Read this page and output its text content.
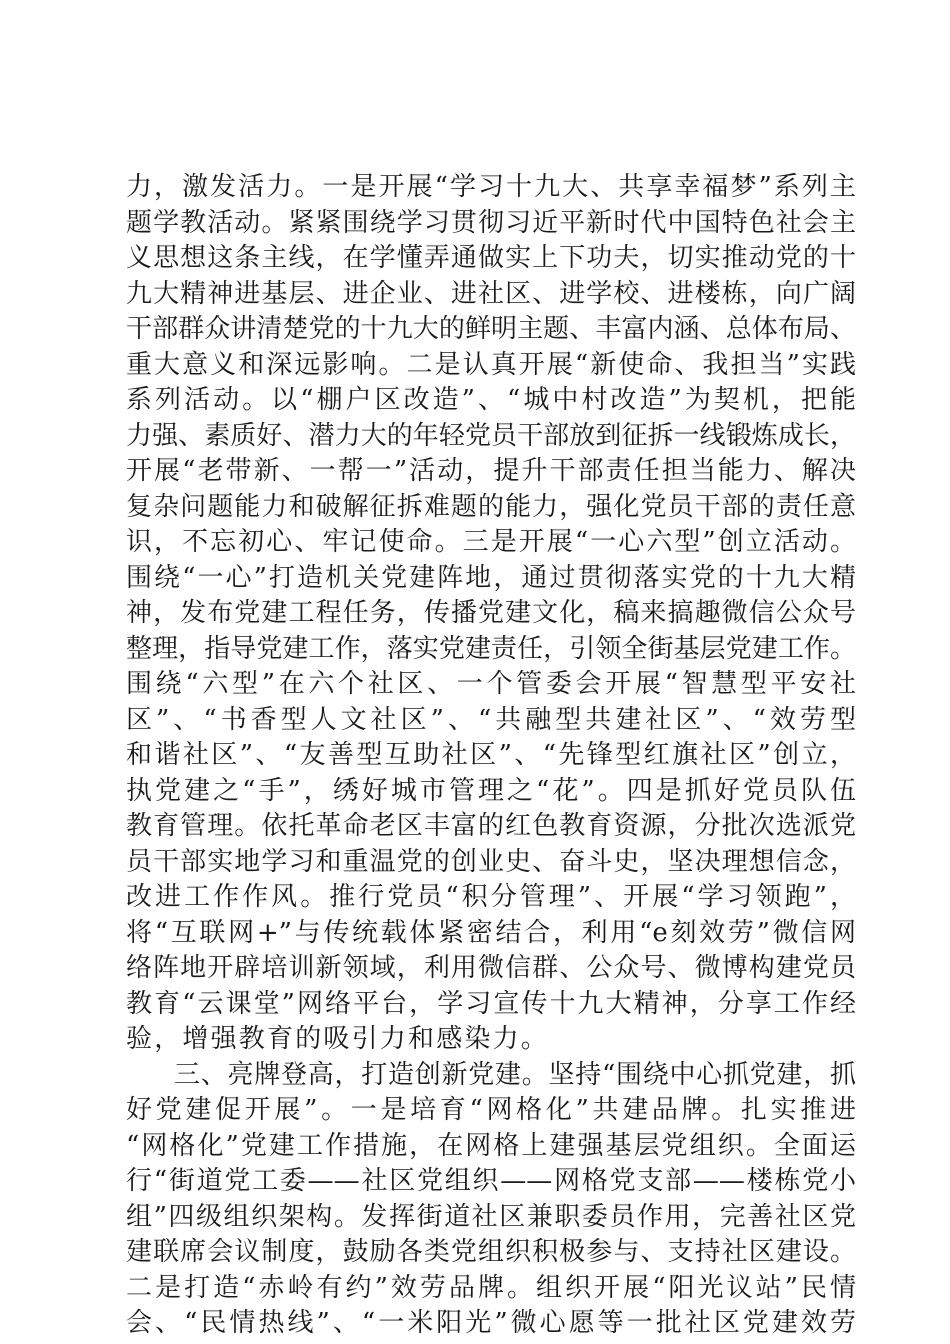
力，激发活力。一是开展“学习十九大、共享幸福梦”系列主
题学教活动。紧紧围绕学习贯彻习近平新时代中国特色社会主
义思想这条主线，在学懂弄通做实上下功夫，切实推动党的十
九大精神进基层、进企业、进社区、进学校、进楼栋，向广阔
干部群众讲清楚党的十九大的鲜明主题、丰富内涵、总体布局、
重大意义和深远影响。二是认真开展“新使命、我担当”实践
系列活动。以“棚户区改造”、“城中村改造”为契机，把能
力强、素质好、潜力大的年轻党员干部放到征拆一线锻炼成长，
开展“老带新、一帮一”活动，提升干部责任担当能力、解决
复杂问题能力和破解征拆难题的能力，强化党员干部的责任意
识，不忘初心、牢记使命。三是开展“一心六型”创立活动。
围绕“一心”打造机关党建阵地，通过贯彻落实党的十九大精
神，发布党建工程任务，传播党建文化，稿来搞趣微信公众号
整理，指导党建工作，落实党建责任，引领全街基层党建工作。
围绕“六型”在六个社区、一个管委会开展“智慧型平安社
区”、“书香型人文社区”、“共融型共建社区”、“效劳型
和谐社区”、“友善型互助社区”、“先锋型红旗社区”创立，
执党建之“手”，绣好城市管理之“花”。四是抓好党员队伍
教育管理。依托革命老区丰富的红色教育资源，分批次选派党
员干部实地学习和重温党的创业史、奋斗史，坚决理想信念，
改进工作作风。推行党员“积分管理”、开展“学习领跑”，
将“互联网+”与传统载体紧密结合，利用“e刻效劳”微信网
络阵地开辟培训新领域，利用微信群、公众号、微博构建党员
教育“云课堂”网络平台，学习宣传十九大精神，分享工作经
验，增强教育的吸引力和感染力。
三、亮牌登高，打造创新党建。坚持“围绕中心抓党建，抓
好党建促开展”。一是培育“网格化”共建品牌。扎实推进
“网格化”党建工作措施，在网格上建强基层党组织。全面运
行“街道党工委——社区党组织——网格党支部——楼栋党小
组”四级组织架构。发挥街道社区兼职委员作用，完善社区党
建联席会议制度，鼓励各类党组织积极参与、支持社区建设。
二是打造“赤岭有约”效劳品牌。组织开展“阳光议站”民情
会、“民情热线”、“一米阳光”微心愿等一批社区党建效劳
